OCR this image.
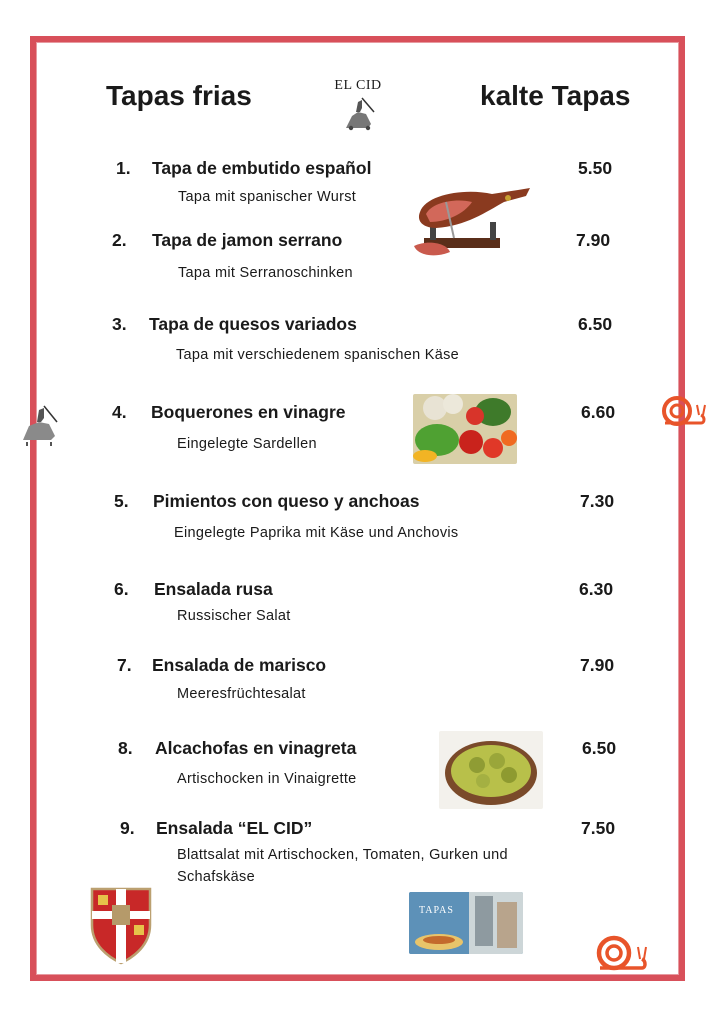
Tapas frias	kalte Tapas
EL CID
1. Tapa de embutido español
Tapa mit spanischer Wurst
5.50
2. Tapa de jamon serrano
Tapa mit Serranoschinken
7.90
3. Tapa de quesos variados
Tapa mit verschiedenem spanischen Käse
6.50
4. Boquerones en vinagre
Eingelegte Sardellen
6.60
5. Pimientos con queso y anchoas
Eingelegte Paprika mit Käse und Anchovis
7.30
6. Ensalada rusa
Russischer Salat
6.30
7. Ensalada de marisco
Meeresfrüchtesalat
7.90
8. Alcachofas en vinagreta
Artischocken in Vinaigrette
6.50
9. Ensalada “EL CID”
Blattsalat mit Artischocken, Tomaten, Gurken und Schafskäse
7.50
TAPAS
